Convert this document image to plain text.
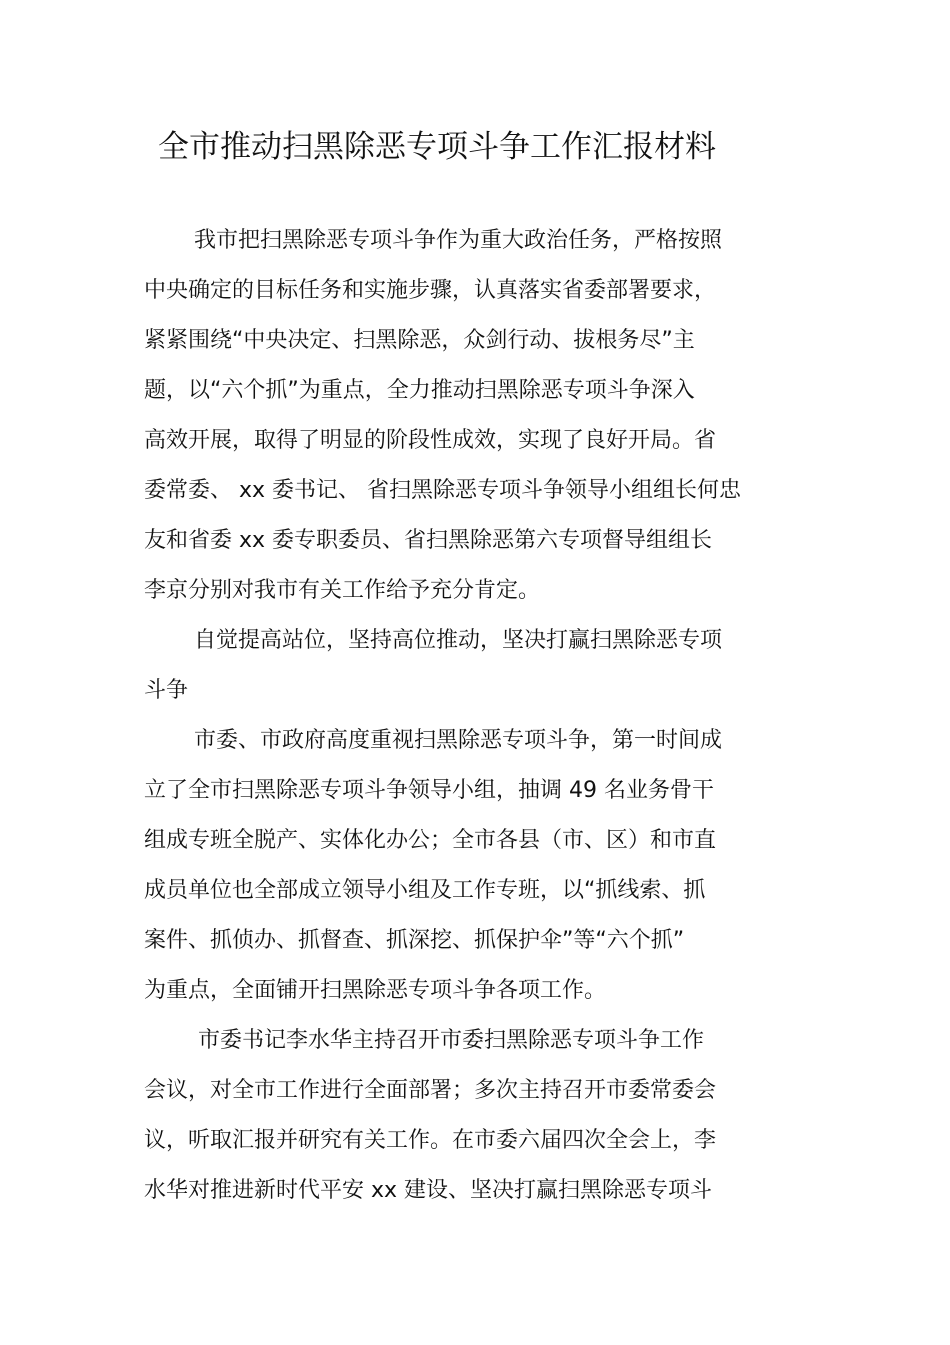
全市推动扫黑除恶专项斗争工作汇报材料

我市把扫黑除恶专项斗争作为重大政治任务，严格按照

中央确定的目标任务和实施步骤，认真落实省委部署要求，

紧紧围绕“中央决定、扫黑除恶，众剑行动、拔根务尽”主

题，以“六个抓”为重点，全力推动扫黑除恶专项斗争深入

高效开展，取得了明显的阶段性成效，实现了良好开局。省

委常委、 xx 委书记、 省扫黑除恶专项斗争领导小组组长何忠

友和省委 xx 委专职委员、省扫黑除恶第六专项督导组组长

李京分别对我市有关工作给予充分肯定。

自觉提高站位，坚持高位推动，坚决打赢扫黑除恶专项

斗争

市委、市政府高度重视扫黑除恶专项斗争，第一时间成

立了全市扫黑除恶专项斗争领导小组，抽调 49 名业务骨干

组成专班全脱产、实体化办公；全市各县（市、区）和市直

成员单位也全部成立领导小组及工作专班，以“抓线索、抓

案件、抓侦办、抓督查、抓深挖、抓保护伞”等“六个抓”

为重点，全面铺开扫黑除恶专项斗争各项工作。

市委书记李水华主持召开市委扫黑除恶专项斗争工作

会议，对全市工作进行全面部署；多次主持召开市委常委会

议，听取汇报并研究有关工作。在市委六届四次全会上，李

水华对推进新时代平安 xx 建设、坚决打赢扫黑除恶专项斗
